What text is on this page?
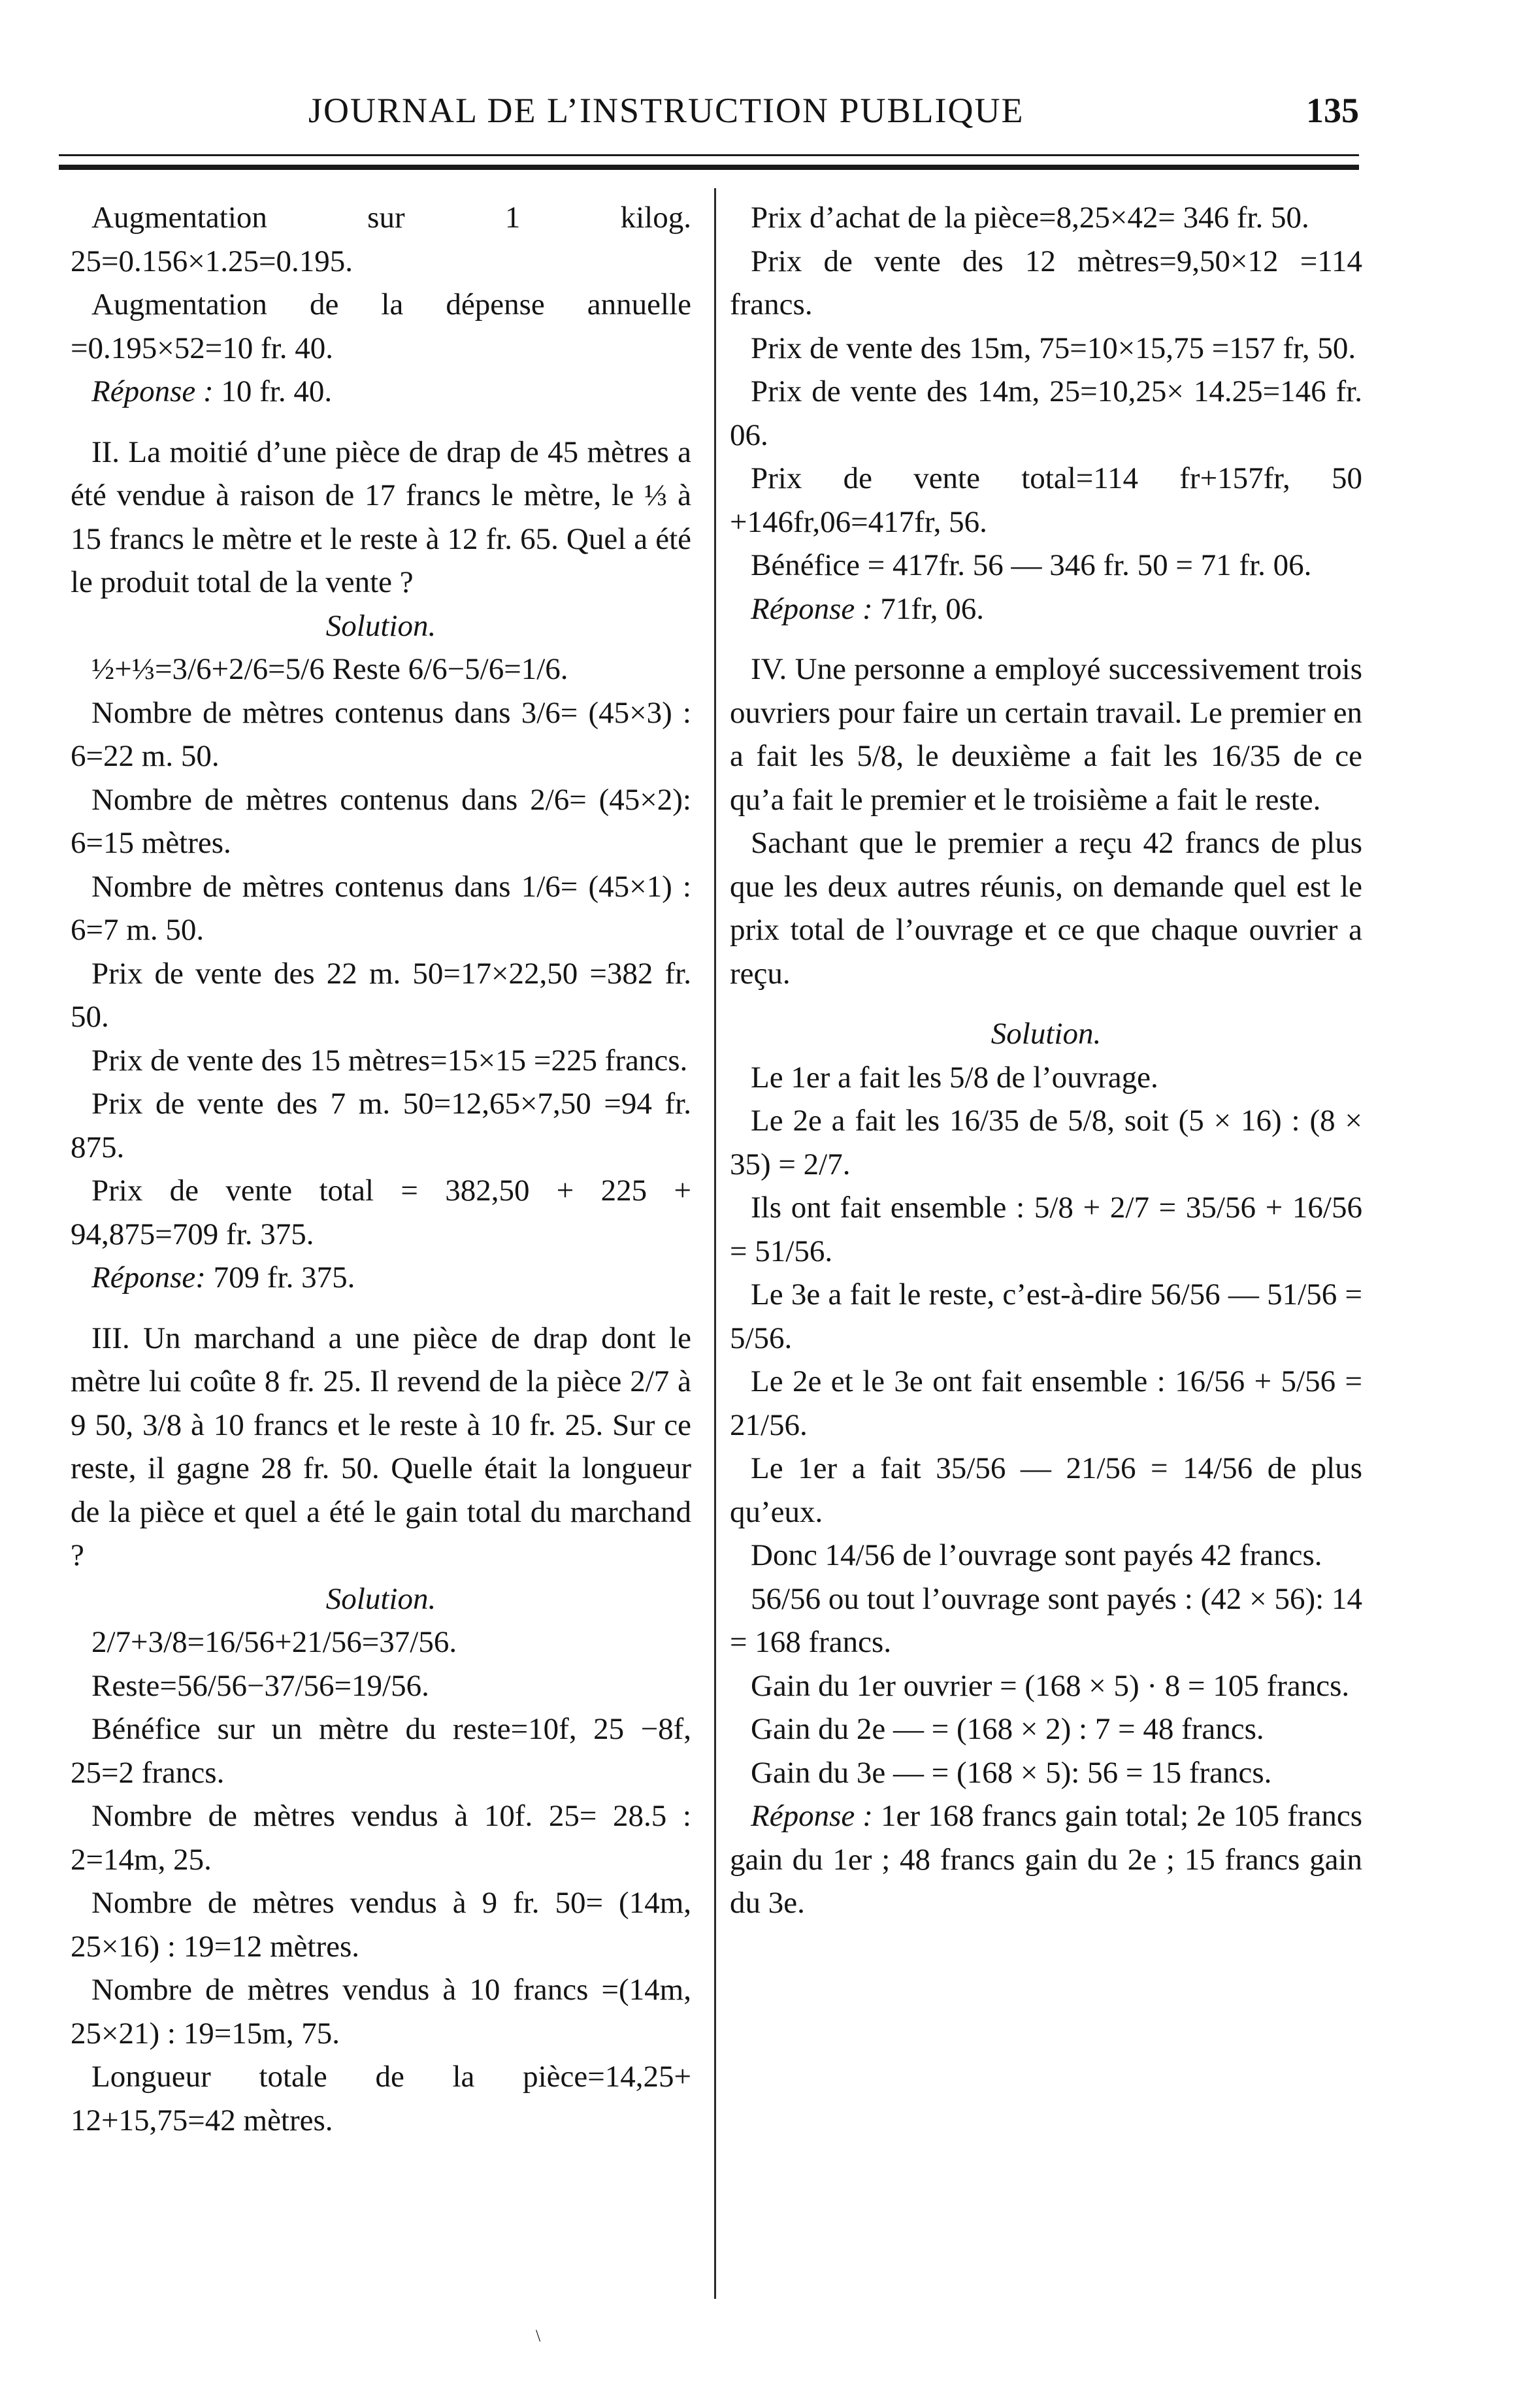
JOURNAL DE L’INSTRUCTION PUBLIQUE	135

Augmentation sur 1 kilog. 25=0.156×1.25=0.195.

Augmentation de la dépense annuelle =0.195×52=10 fr. 40.

Réponse : 10 fr. 40.

II. La moitié d’une pièce de drap de 45 mètres a été vendue à raison de 17 francs le mètre, le ⅓ à 15 francs le mètre et le reste à 12 fr. 65. Quel a été le produit total de la vente ?

Solution.

½+⅓=3/6+2/6=5/6 Reste 6/6−5/6=1/6.

Nombre de mètres contenus dans 3/6= (45×3) : 6=22 m. 50.

Nombre de mètres contenus dans 2/6= (45×2): 6=15 mètres.

Nombre de mètres contenus dans 1/6= (45×1) : 6=7 m. 50.

Prix de vente des 22 m. 50=17×22,50 =382 fr. 50.

Prix de vente des 15 mètres=15×15 =225 francs.

Prix de vente des 7 m. 50=12,65×7,50 =94 fr. 875.

Prix de vente total = 382,50 + 225 + 94,875=709 fr. 375.

Réponse: 709 fr. 375.

III. Un marchand a une pièce de drap dont le mètre lui coûte 8 fr. 25. Il revend de la pièce 2/7 à 9 50, 3/8 à 10 francs et le reste à 10 fr. 25. Sur ce reste, il gagne 28 fr. 50. Quelle était la longueur de la pièce et quel a été le gain total du marchand ?

Solution.

2/7+3/8=16/56+21/56=37/56.

Reste=56/56−37/56=19/56.

Bénéfice sur un mètre du reste=10f, 25 −8f, 25=2 francs.

Nombre de mètres vendus à 10f. 25= 28.5 : 2=14m, 25.

Nombre de mètres vendus à 9 fr. 50= (14m, 25×16) : 19=12 mètres.

Nombre de mètres vendus à 10 francs =(14m, 25×21) : 19=15m, 75.

Longueur totale de la pièce=14,25+ 12+15,75=42 mètres.

Prix d’achat de la pièce=8,25×42= 346 fr. 50.

Prix de vente des 12 mètres=9,50×12 =114 francs.

Prix de vente des 15m, 75=10×15,75 =157 fr, 50.

Prix de vente des 14m, 25=10,25× 14.25=146 fr. 06.

Prix de vente total=114 fr+157fr, 50 +146fr,06=417fr, 56.

Bénéfice = 417fr. 56 — 346 fr. 50 = 71 fr. 06.

Réponse : 71fr, 06.

IV. Une personne a employé successivement trois ouvriers pour faire un certain travail. Le premier en a fait les 5/8, le deuxième a fait les 16/35 de ce qu’a fait le premier et le troisième a fait le reste.

Sachant que le premier a reçu 42 francs de plus que les deux autres réunis, on demande quel est le prix total de l’ouvrage et ce que chaque ouvrier a reçu.

Solution.

Le 1er a fait les 5/8 de l’ouvrage.

Le 2e a fait les 16/35 de 5/8, soit (5 × 16) : (8 × 35) = 2/7.

Ils ont fait ensemble : 5/8 + 2/7 = 35/56 + 16/56 = 51/56.

Le 3e a fait le reste, c’est-à-dire 56/56 — 51/56 = 5/56.

Le 2e et le 3e ont fait ensemble : 16/56 + 5/56 = 21/56.

Le 1er a fait 35/56 — 21/56 = 14/56 de plus qu’eux.

Donc 14/56 de l’ouvrage sont payés 42 francs.

56/56 ou tout l’ouvrage sont payés : (42 × 56): 14 = 168 francs.

Gain du 1er ouvrier = (168 × 5) · 8 = 105 francs.

Gain du 2e — = (168 × 2) : 7 = 48 francs.

Gain du 3e — = (168 × 5): 56 = 15 francs.

Réponse : 1er 168 francs gain total; 2e 105 francs gain du 1er ; 48 francs gain du 2e ; 15 francs gain du 3e.

\
